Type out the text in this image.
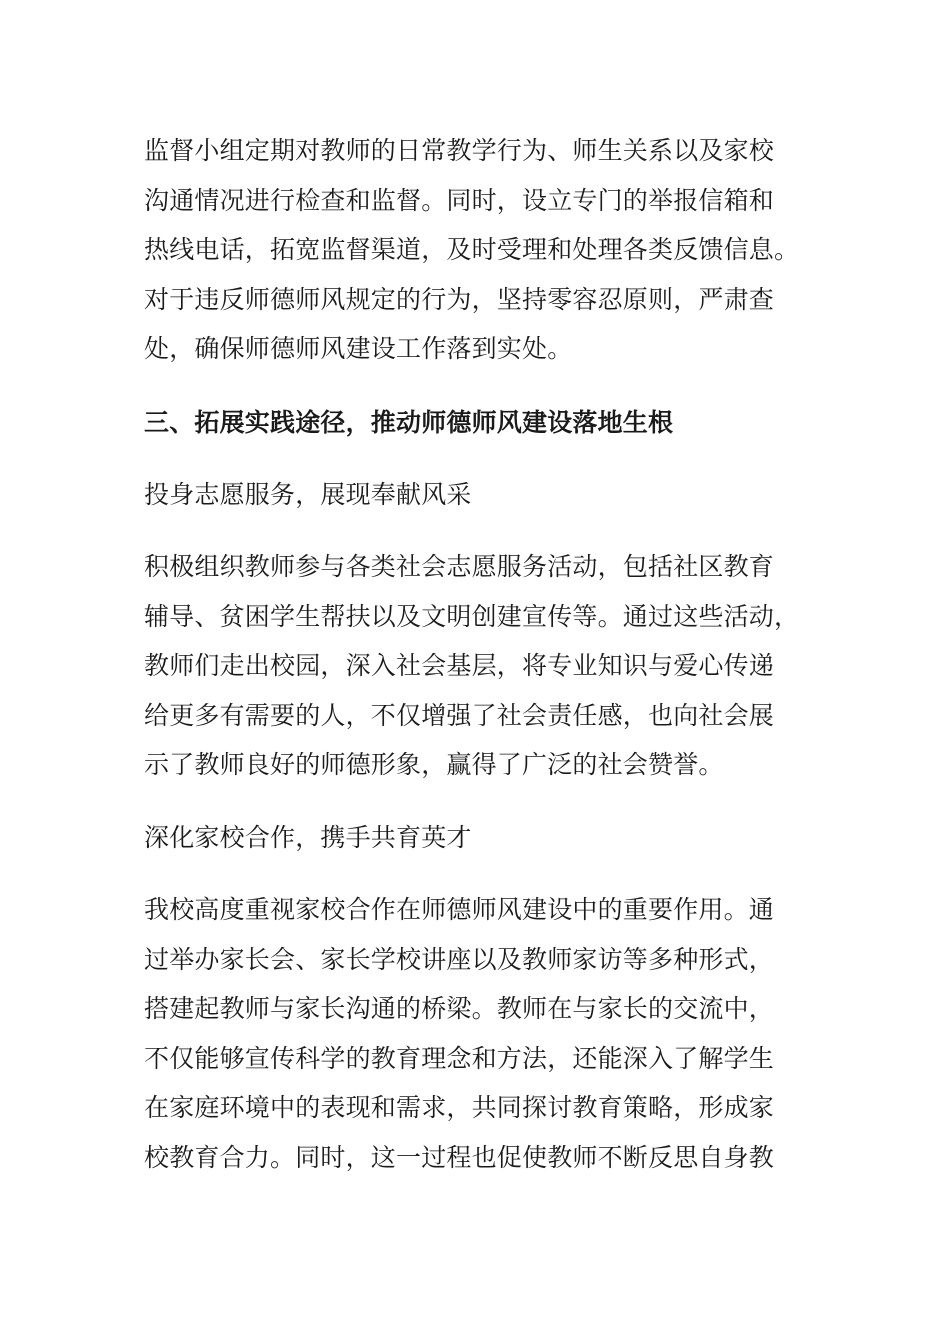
监督小组定期对教师的日常教学行为、师生关系以及家校
沟通情况进行检查和监督。同时，设立专门的举报信箱和
热线电话，拓宽监督渠道，及时受理和处理各类反馈信息。
对于违反师德师风规定的行为，坚持零容忍原则，严肃查
处，确保师德师风建设工作落到实处。
三、拓展实践途径，推动师德师风建设落地生根
投身志愿服务，展现奉献风采
积极组织教师参与各类社会志愿服务活动，包括社区教育
辅导、贫困学生帮扶以及文明创建宣传等。通过这些活动，
教师们走出校园，深入社会基层，将专业知识与爱心传递
给更多有需要的人，不仅增强了社会责任感，也向社会展
示了教师良好的师德形象，赢得了广泛的社会赞誉。
深化家校合作，携手共育英才
我校高度重视家校合作在师德师风建设中的重要作用。通
过举办家长会、家长学校讲座以及教师家访等多种形式，
搭建起教师与家长沟通的桥梁。教师在与家长的交流中，
不仅能够宣传科学的教育理念和方法，还能深入了解学生
在家庭环境中的表现和需求，共同探讨教育策略，形成家
校教育合力。同时，这一过程也促使教师不断反思自身教
